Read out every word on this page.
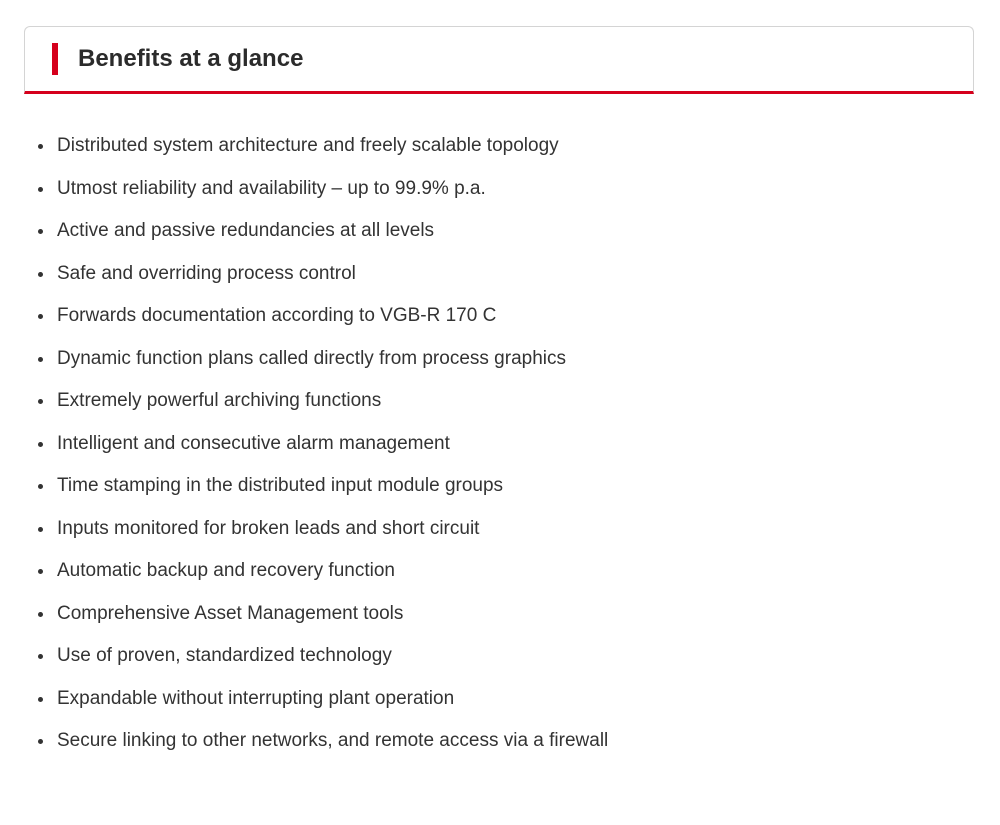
Benefits at a glance
Distributed system architecture and freely scalable topology
Utmost reliability and availability – up to 99.9% p.a.
Active and passive redundancies at all levels
Safe and overriding process control
Forwards documentation according to VGB-R 170 C
Dynamic function plans called directly from process graphics
Extremely powerful archiving functions
Intelligent and consecutive alarm management
Time stamping in the distributed input module groups
Inputs monitored for broken leads and short circuit
Automatic backup and recovery function
Comprehensive Asset Management tools
Use of proven, standardized technology
Expandable without interrupting plant operation
Secure linking to other networks, and remote access via a firewall
